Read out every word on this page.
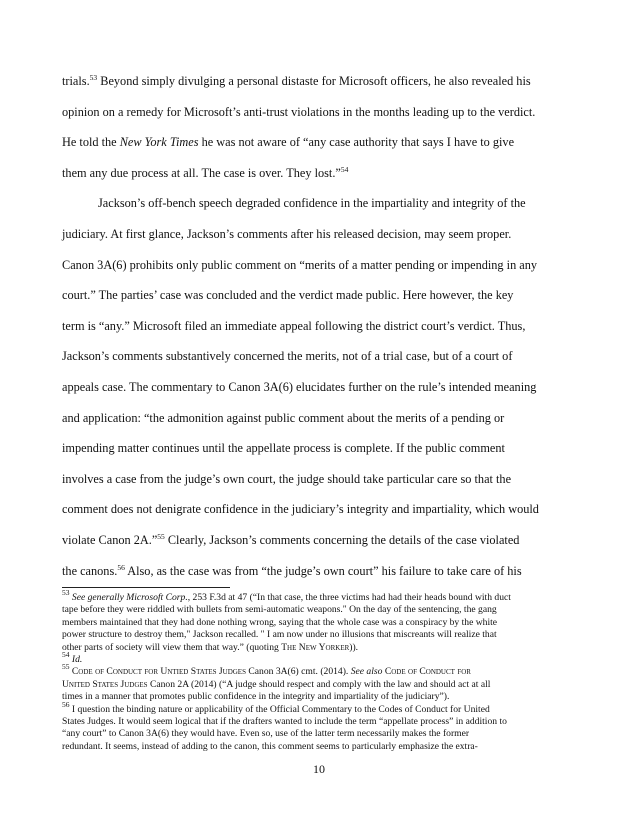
trials.$^{53}$ Beyond simply divulging a personal distaste for Microsoft officers, he also revealed his
opinion on a remedy for Microsoft’s anti-trust violations in the months leading up to the verdict.
He told the New York Times he was not aware of “any case authority that says I have to give
them any due process at all. The case is over. They lost.”$^{54}$
Jackson’s off-bench speech degraded confidence in the impartiality and integrity of the
judiciary. At first glance, Jackson’s comments after his released decision, may seem proper.
Canon 3A(6) prohibits only public comment on “merits of a matter pending or impending in any
court.” The parties’ case was concluded and the verdict made public. Here however, the key
term is “any.” Microsoft filed an immediate appeal following the district court’s verdict. Thus,
Jackson’s comments substantively concerned the merits, not of a trial case, but of a court of
appeals case. The commentary to Canon 3A(6) elucidates further on the rule’s intended meaning
and application: “the admonition against public comment about the merits of a pending or
impending matter continues until the appellate process is complete. If the public comment
involves a case from the judge’s own court, the judge should take particular care so that the
comment does not denigrate confidence in the judiciary’s integrity and impartiality, which would
violate Canon 2A.”$^{55}$ Clearly, Jackson’s comments concerning the details of the case violated
the canons.$^{56}$ Also, as the case was from “the judge’s own court” his failure to take care of his
$^{53}$ See generally Microsoft Corp., 253 F.3d at 47 (“In that case, the three victims had had their heads bound with duct
tape before they were riddled with bullets from semi-automatic weapons." On the day of the sentencing, the gang
members maintained that they had done nothing wrong, saying that the whole case was a conspiracy by the white
power structure to destroy them," Jackson recalled. " I am now under no illusions that miscreants will realize that
other parts of society will view them that way.” (quoting The New Yorker)).
$^{54}$ Id.
$^{55}$ Code of Conduct for Untied States Judges Canon 3A(6) cmt. (2014). See also Code of Conduct for
United States Judges Canon 2A (2014) (“A judge should respect and comply with the law and should act at all
times in a manner that promotes public confidence in the integrity and impartiality of the judiciary”).
$^{56}$ I question the binding nature or applicability of the Official Commentary to the Codes of Conduct for United
States Judges. It would seem logical that if the drafters wanted to include the term “appellate process” in addition to
“any court” to Canon 3A(6) they would have. Even so, use of the latter term necessarily makes the former
redundant. It seems, instead of adding to the canon, this comment seems to particularly emphasize the extra-
10
